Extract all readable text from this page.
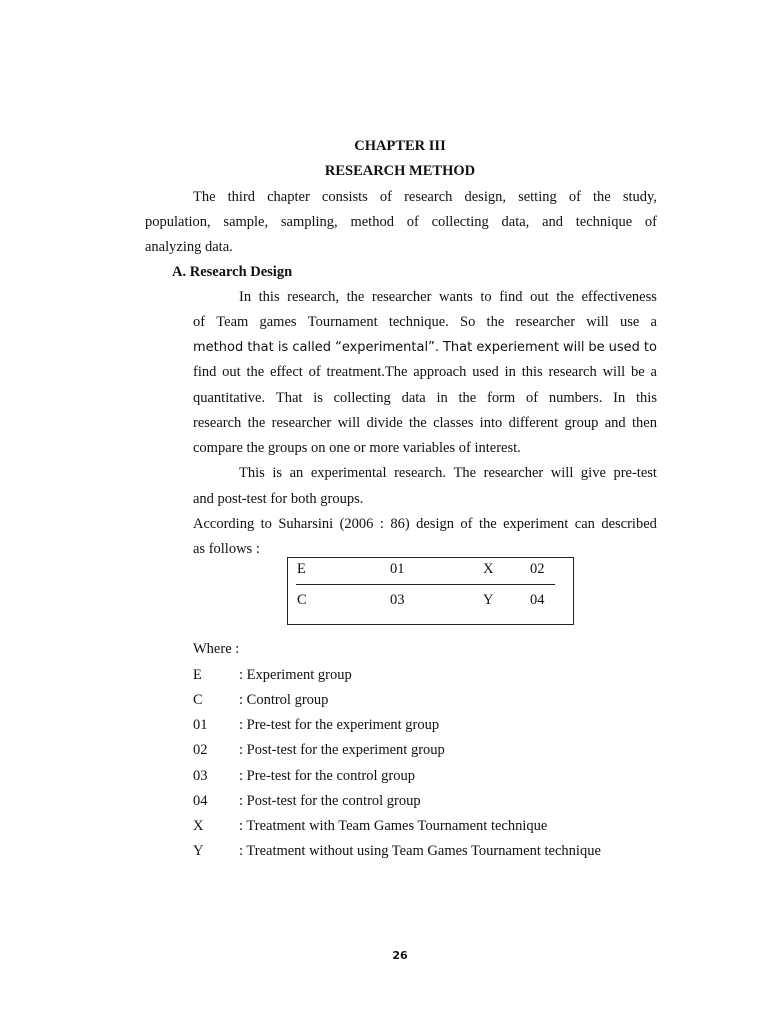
CHAPTER III
RESEARCH METHOD
The third chapter consists of research design, setting of the study,
population, sample, sampling, method of collecting data, and technique of
analyzing data.
A. Research Design
In this research, the researcher wants to find out the effectiveness
of Team games Tournament technique. So the researcher will use a
method that is called “experimental”. That experiement will be used to
find out the effect of treatment.The approach used in this research will be a
quantitative. That is collecting data in the form of numbers. In this
research the researcher will divide the classes into different group and then
compare the groups on one or more variables of interest.
This is an experimental research. The researcher will give pre-test
and post-test for both groups.
According to Suharsini (2006 : 86) design of the experiment can described
as follows :
E	01	X	02
C	03	Y	04
Where :
E	: Experiment group
C	: Control group
01 : Pre-test for the experiment group
02 : Post-test for the experiment group
03 : Pre-test for the control group
04 : Post-test for the control group
X : Treatment with Team Games Tournament technique
Y : Treatment without using Team Games Tournament technique
26
